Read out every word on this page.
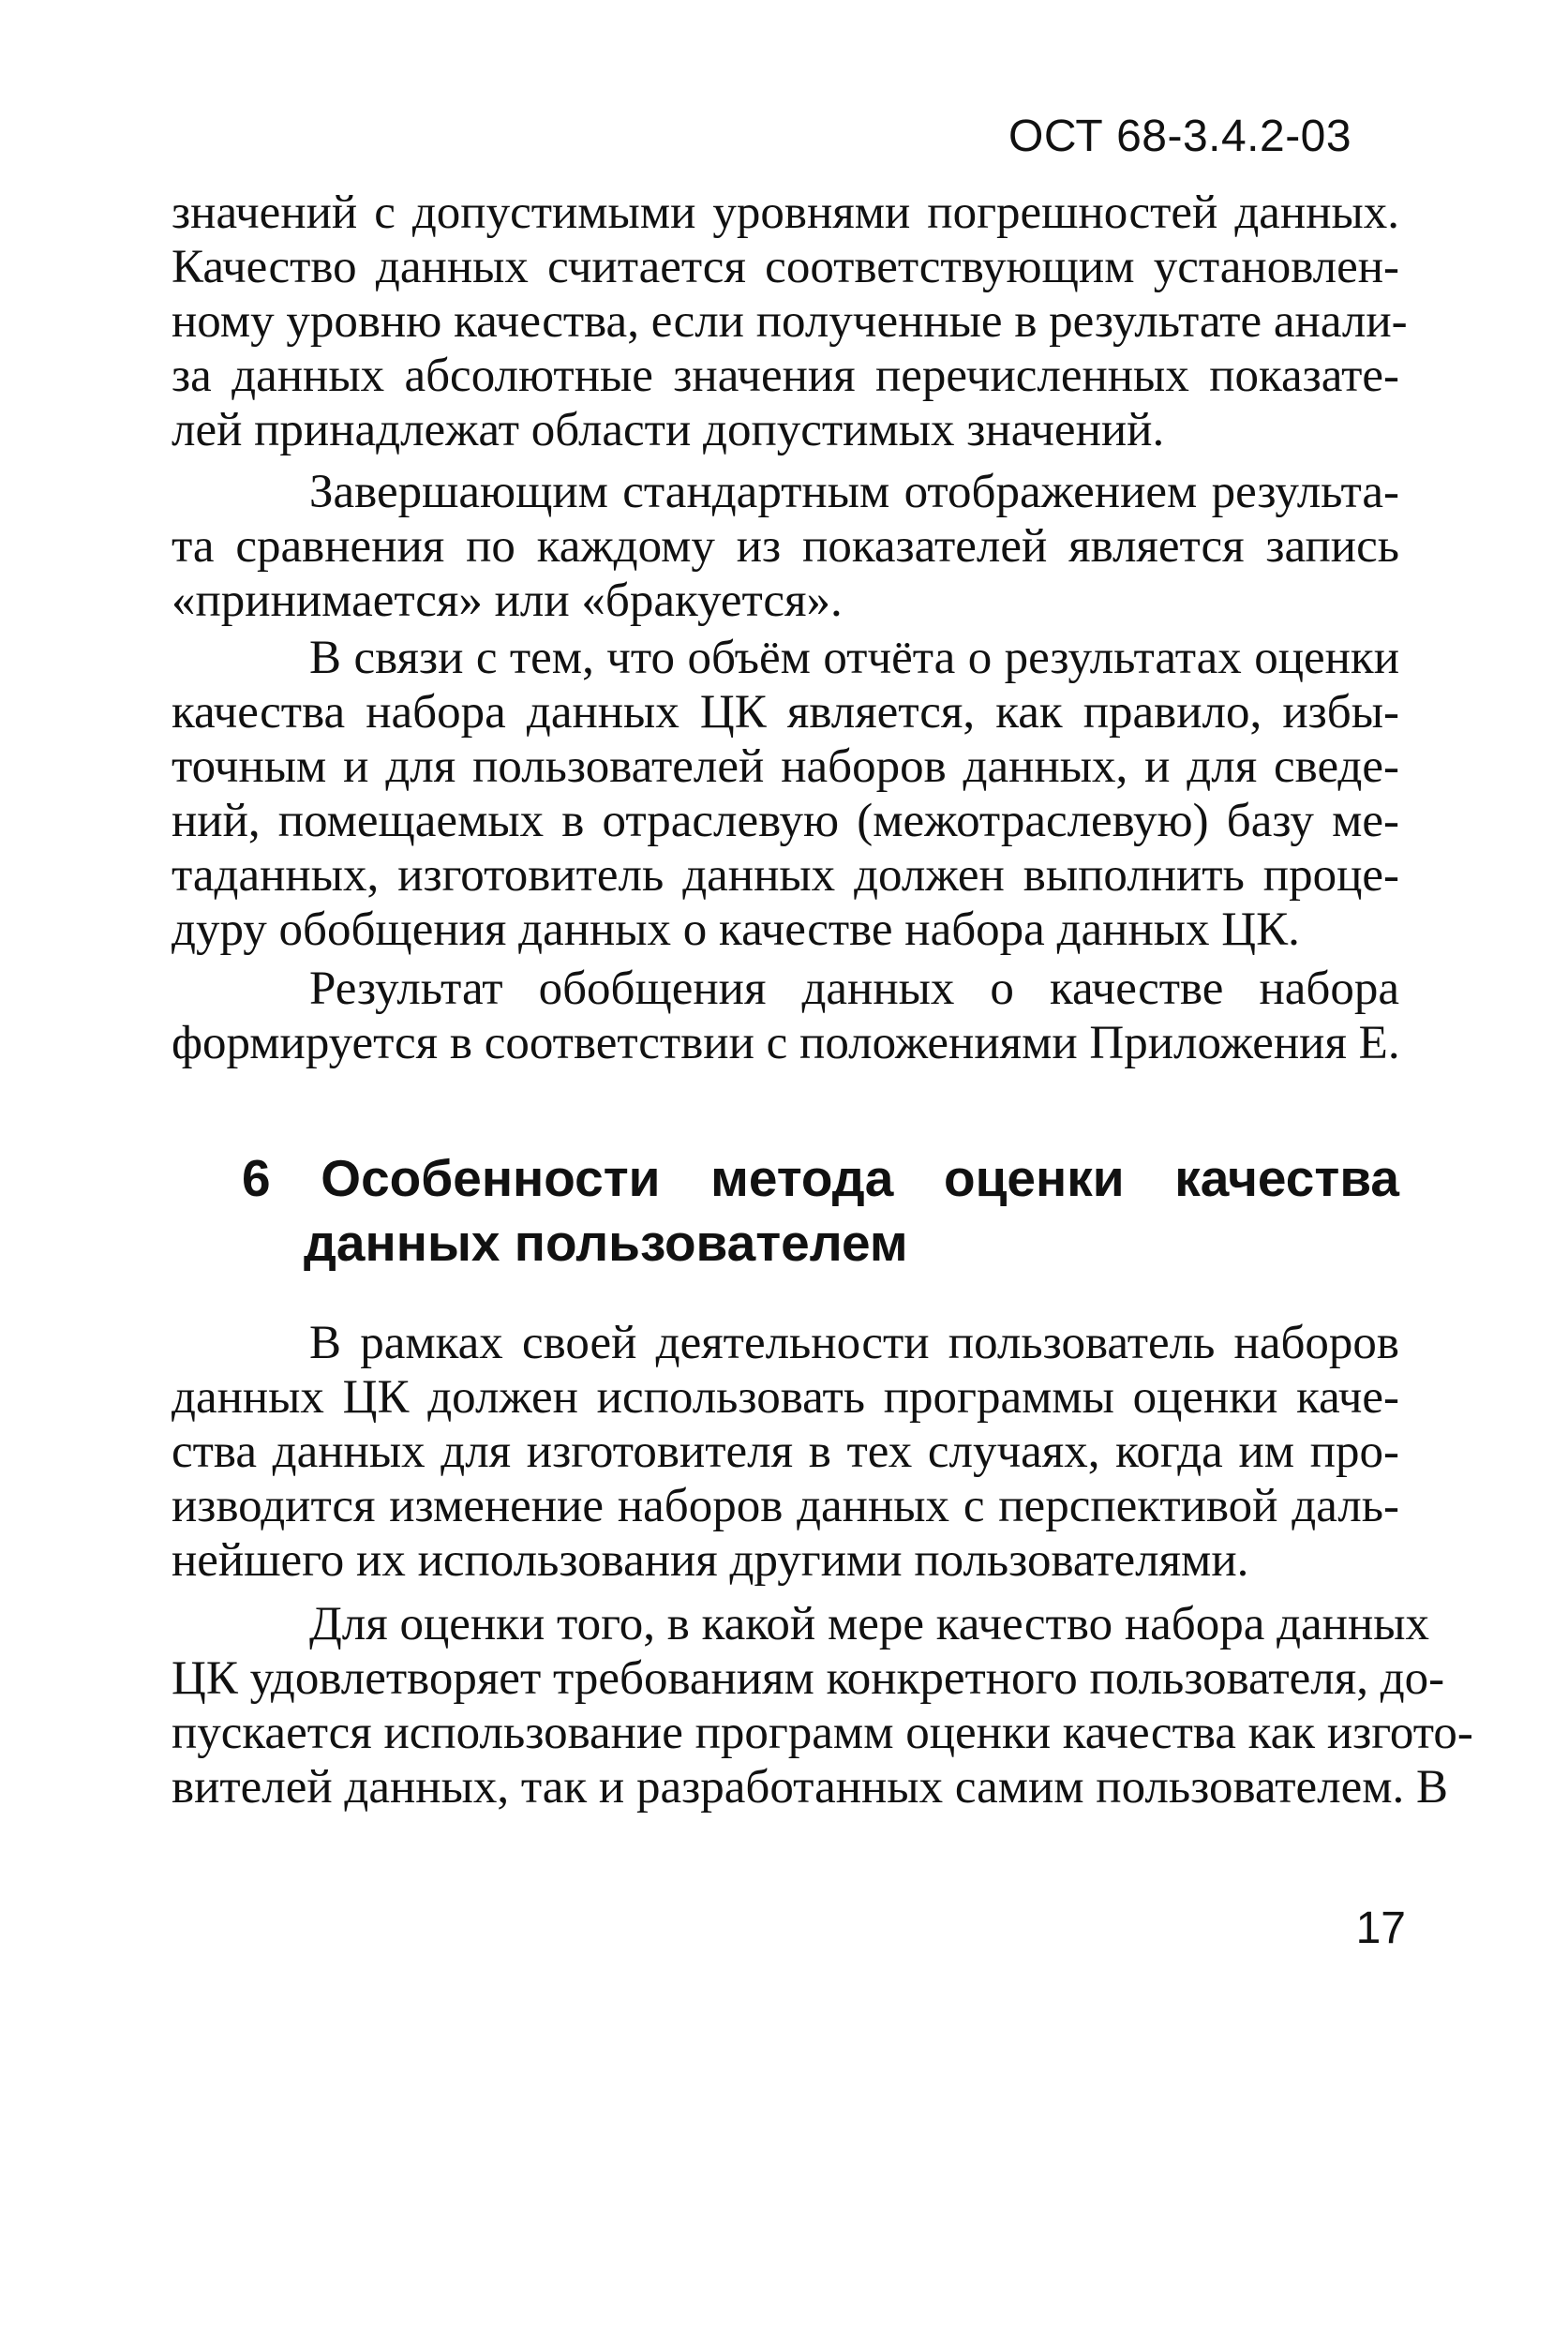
ОСТ 68-3.4.2-03
значений с допустимыми уровнями погрешностей данных.
Качество данных считается соответствующим установлен-
ному уровню качества, если полученные в результате анали-
за данных абсолютные значения перечисленных показате-
лей принадлежат области допустимых значений.
Завершающим стандартным отображением результа-
та сравнения по каждому из показателей является запись
«принимается» или «бракуется».
В связи с тем, что объём отчёта о результатах оценки
качества набора данных ЦК является, как правило, избы-
точным и для пользователей наборов данных, и для сведе-
ний, помещаемых в отраслевую (межотраслевую) базу ме-
таданных, изготовитель данных должен выполнить проце-
дуру обобщения данных о качестве набора данных ЦК.
Результат обобщения данных о качестве набора
формируется в соответствии с положениями Приложения Е.
6 Особенности метода оценки качества
данных пользователем
В рамках своей деятельности пользователь наборов
данных ЦК должен использовать программы оценки каче-
ства данных для изготовителя в тех случаях, когда им про-
изводится изменение наборов данных с перспективой даль-
нейшего их использования другими пользователями.
Для оценки того, в какой мере качество набора данных
ЦК удовлетворяет требованиям конкретного пользователя, до-
пускается использование программ оценки качества как изгото-
вителей данных, так и разработанных самим пользователем. В
17
